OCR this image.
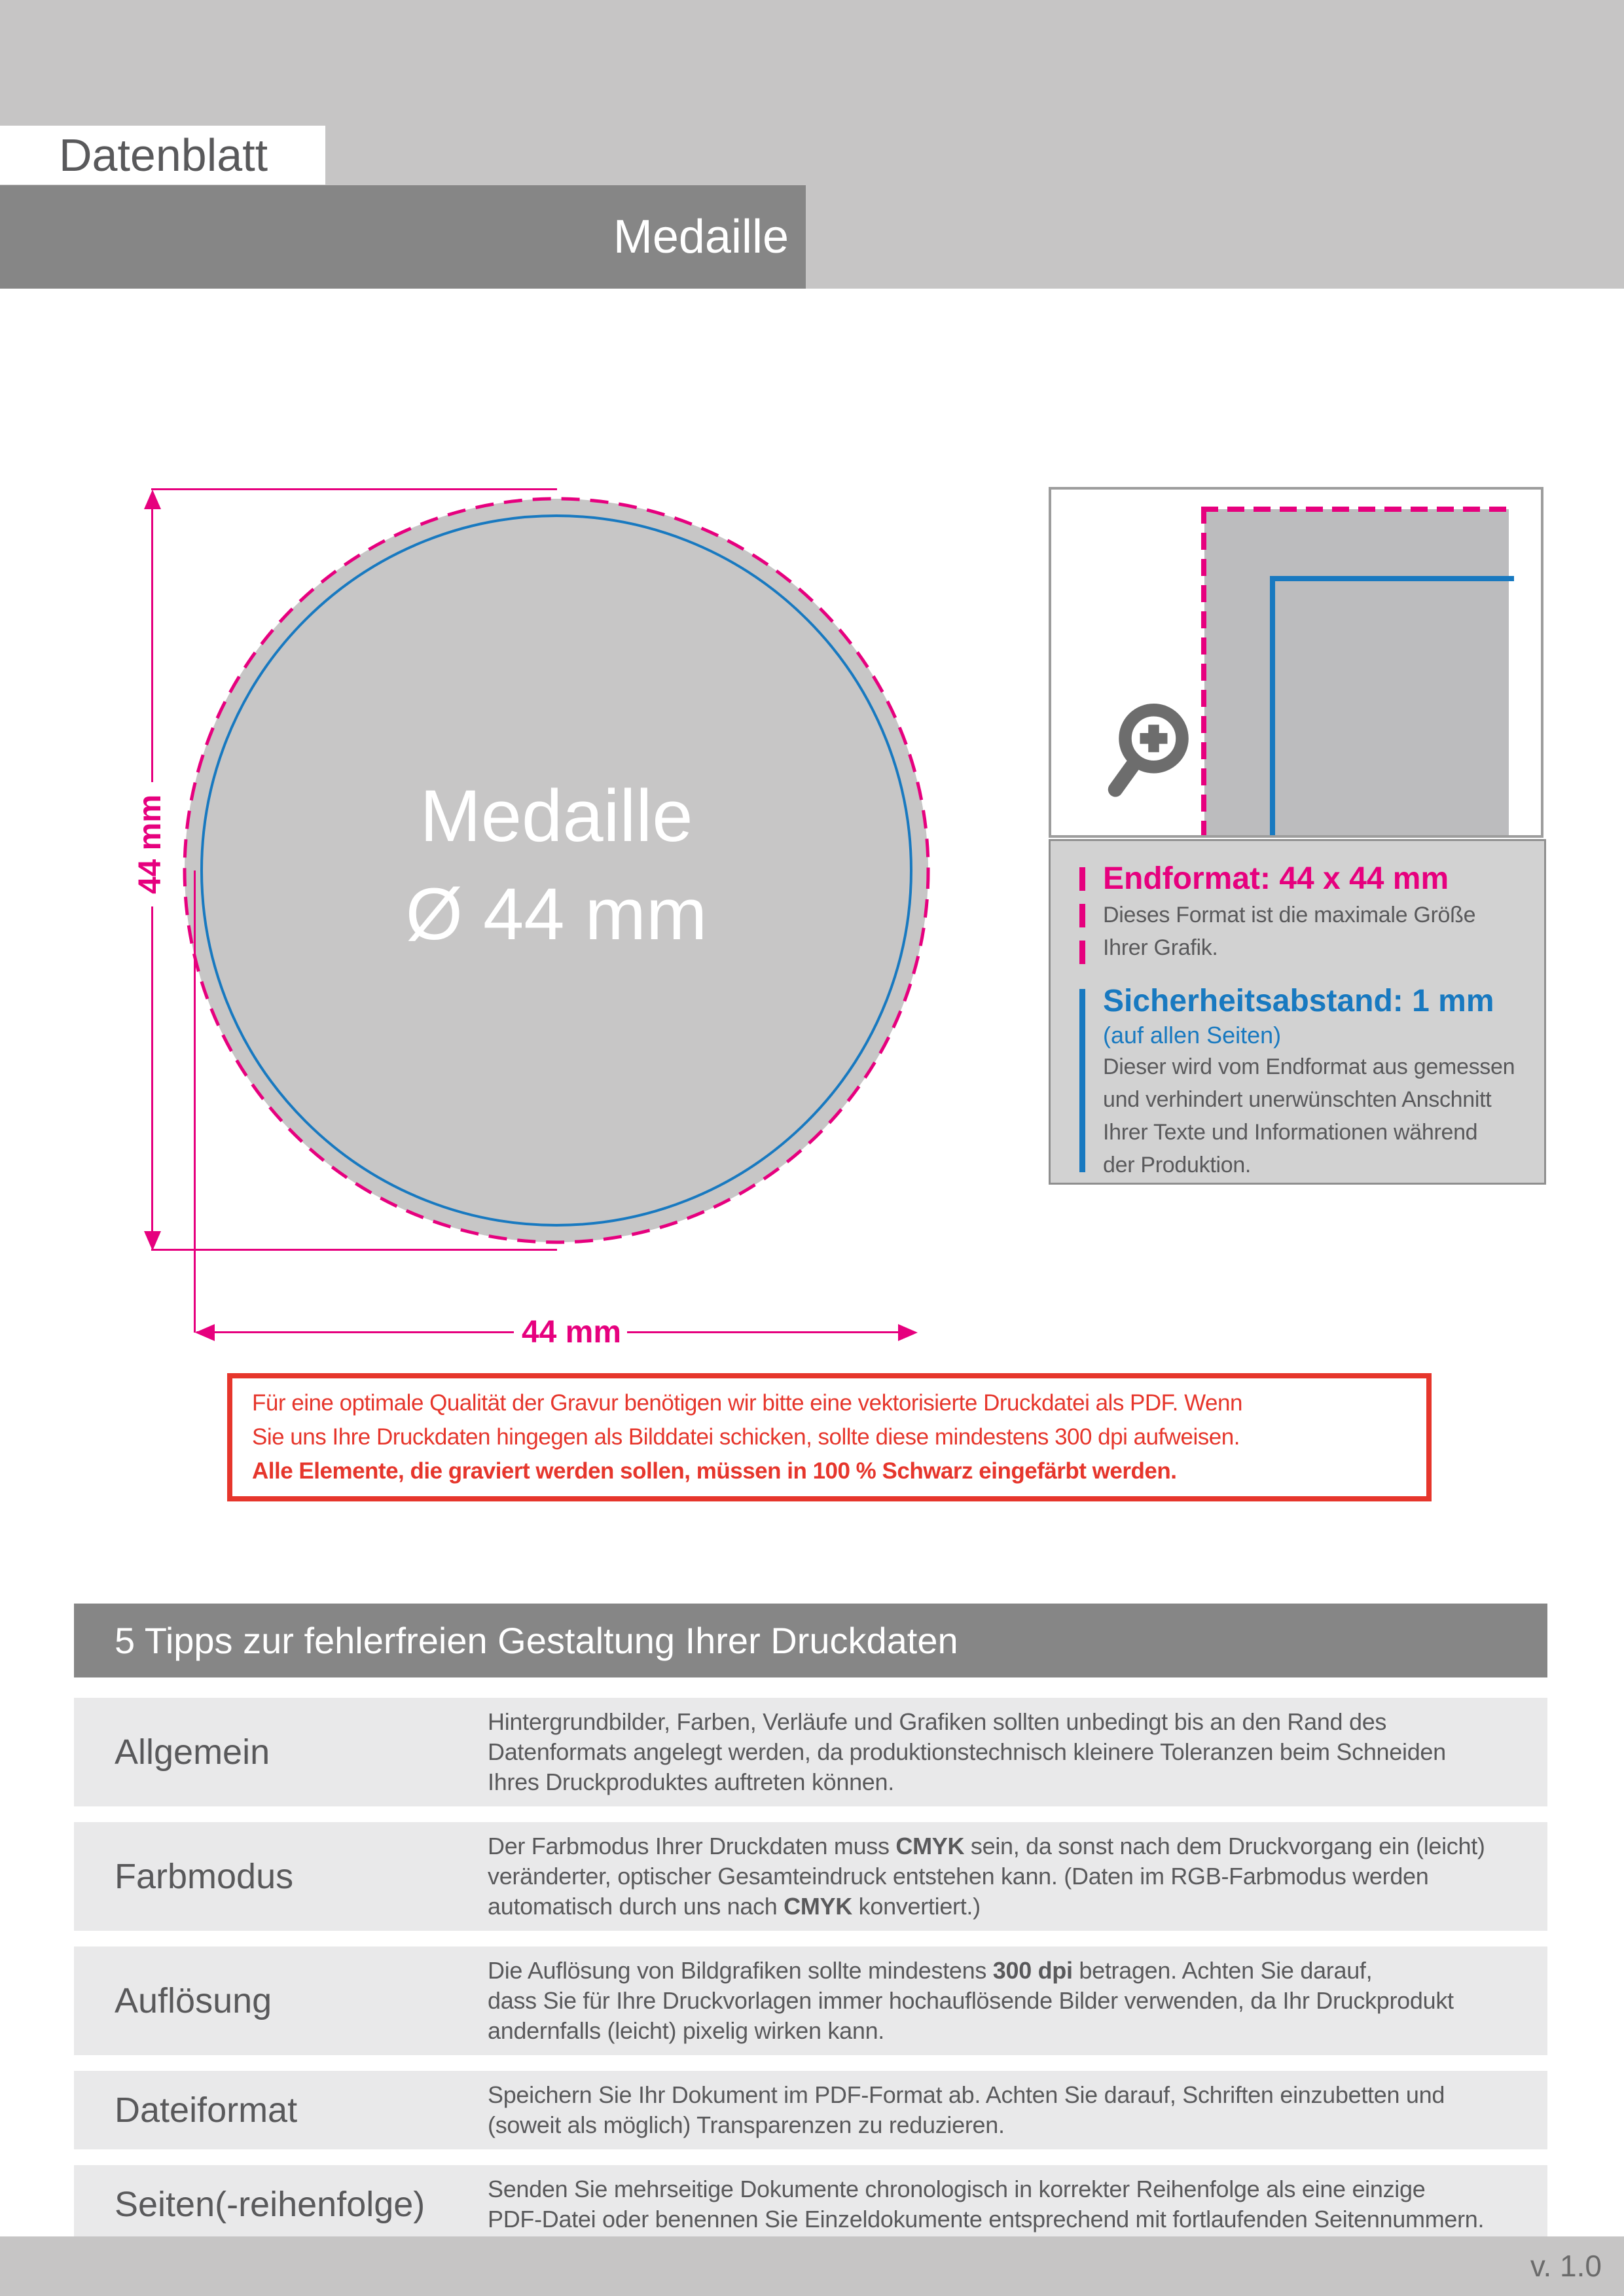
Datenblatt
Medaille
Medaille
Ø 44 mm
44 mm
44 mm
Endformat: 44 x 44 mm
Dieses Format ist die maximale Größe
Ihrer Grafik.
Sicherheitsabstand: 1 mm
(auf allen Seiten)
Dieser wird vom Endformat aus gemessen
und verhindert unerwünschten Anschnitt
Ihrer Texte und Informationen während
der Produktion.
Für eine optimale Qualität der Gravur benötigen wir bitte eine vektorisierte Druckdatei als PDF. Wenn
Sie uns Ihre Druckdaten hingegen als Bilddatei schicken, sollte diese mindestens 300 dpi aufweisen.
Alle Elemente, die graviert werden sollen, müssen in 100 % Schwarz eingefärbt werden.
5 Tipps zur fehlerfreien Gestaltung Ihrer Druckdaten
Allgemein
Hintergrundbilder, Farben, Verläufe und Grafiken sollten unbedingt bis an den Rand des
Datenformats angelegt werden, da produktionstechnisch kleinere Toleranzen beim Schneiden
Ihres Druckproduktes auftreten können.
Farbmodus
Der Farbmodus Ihrer Druckdaten muss CMYK sein, da sonst nach dem Druckvorgang ein (leicht)
veränderter, optischer Gesamteindruck entstehen kann. (Daten im RGB-Farbmodus werden
automatisch durch uns nach CMYK konvertiert.)
Auflösung
Die Auflösung von Bildgrafiken sollte mindestens 300 dpi betragen. Achten Sie darauf,
dass Sie für Ihre Druckvorlagen immer hochauflösende Bilder verwenden, da Ihr Druckprodukt
andernfalls (leicht) pixelig wirken kann.
Dateiformat	Speichern Sie Ihr Dokument im PDF-Format ab. Achten Sie darauf, Schriften einzubetten und
(soweit als möglich) Transparenzen zu reduzieren.
Seiten(-reihenfolge)	Senden Sie mehrseitige Dokumente chronologisch in korrekter Reihenfolge als eine einzige
PDF-Datei oder benennen Sie Einzeldokumente entsprechend mit fortlaufenden Seitennummern.
v. 1.0
